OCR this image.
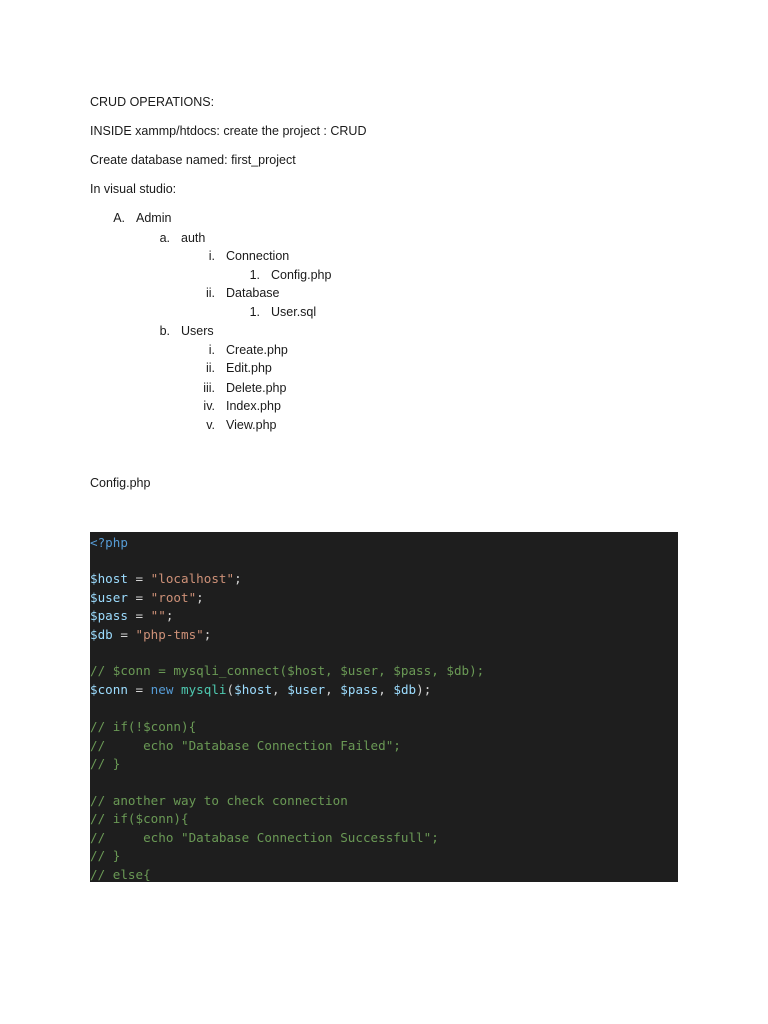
CRUD OPERATIONS:
INSIDE xammp/htdocs: create the project : CRUD
Create database named: first_project
In visual studio:
A. Admin
a. auth
i. Connection
1. Config.php
ii. Database
1. User.sql
b. Users
i. Create.php
ii. Edit.php
iii. Delete.php
iv. Index.php
v. View.php
Config.php
<?php
$host = "localhost";
$user = "root";
$pass = "";
$db = "php-tms";
// $conn = mysqli_connect($host, $user, $pass, $db);
$conn = new mysqli($host, $user, $pass, $db);
// if(!$conn){
//     echo "Database Connection Failed";
// }
// another way to check connection
// if($conn){
//     echo "Database Connection Successfull";
// }
// else{
